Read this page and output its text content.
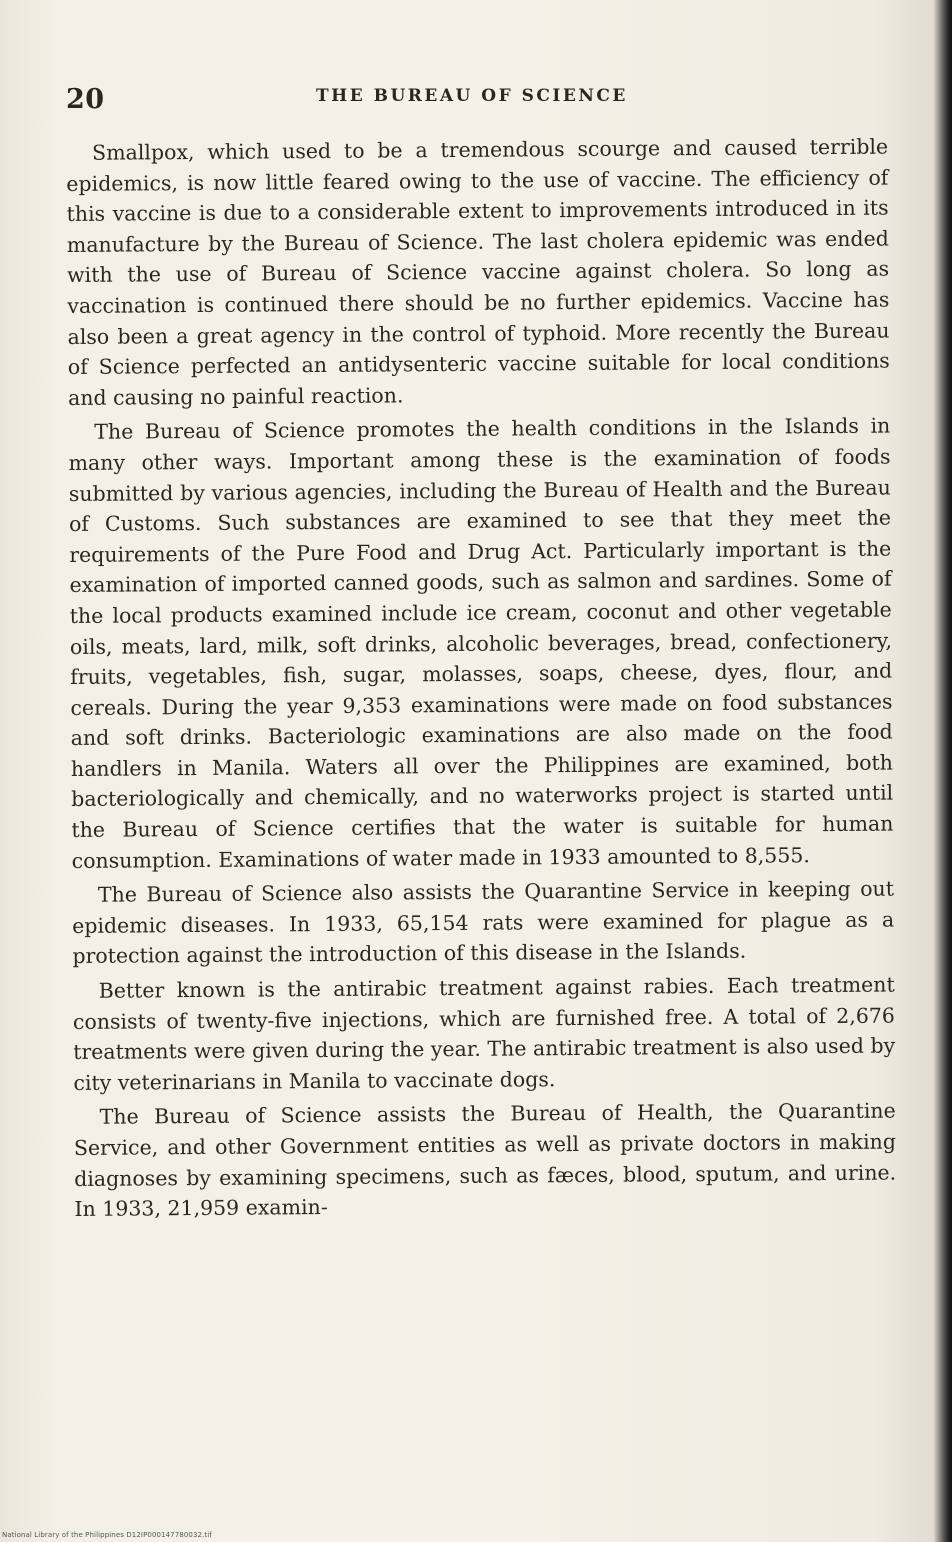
20	THE BUREAU OF SCIENCE

Smallpox, which used to be a tremendous scourge and caused terrible epidemics, is now little feared owing to the use of vaccine. The efficiency of this vaccine is due to a considerable extent to improvements introduced in its manufacture by the Bureau of Science. The last cholera epidemic was ended with the use of Bureau of Science vaccine against cholera. So long as vaccination is continued there should be no further epidemics. Vaccine has also been a great agency in the control of typhoid. More recently the Bureau of Science perfected an antidysenteric vaccine suitable for local conditions and causing no painful reaction.

The Bureau of Science promotes the health conditions in the Islands in many other ways. Important among these is the examination of foods submitted by various agencies, including the Bureau of Health and the Bureau of Customs. Such substances are examined to see that they meet the requirements of the Pure Food and Drug Act. Particularly important is the examination of imported canned goods, such as salmon and sardines. Some of the local products examined include ice cream, coconut and other vegetable oils, meats, lard, milk, soft drinks, alcoholic beverages, bread, confectionery, fruits, vegetables, fish, sugar, molasses, soaps, cheese, dyes, flour, and cereals. During the year 9,353 examinations were made on food substances and soft drinks. Bacteriologic examinations are also made on the food handlers in Manila. Waters all over the Philippines are examined, both bacteriologically and chemically, and no waterworks project is started until the Bureau of Science certifies that the water is suitable for human consumption. Examinations of water made in 1933 amounted to 8,555.

The Bureau of Science also assists the Quarantine Service in keeping out epidemic diseases. In 1933, 65,154 rats were examined for plague as a protection against the introduction of this disease in the Islands.

Better known is the antirabic treatment against rabies. Each treatment consists of twenty-five injections, which are furnished free. A total of 2,676 treatments were given during the year. The antirabic treatment is also used by city veterinarians in Manila to vaccinate dogs.

The Bureau of Science assists the Bureau of Health, the Quarantine Service, and other Government entities as well as private doctors in making diagnoses by examining specimens, such as fæces, blood, sputum, and urine. In 1933, 21,959 examin-

National Library of the Philippines D12IP000147780032.tif
